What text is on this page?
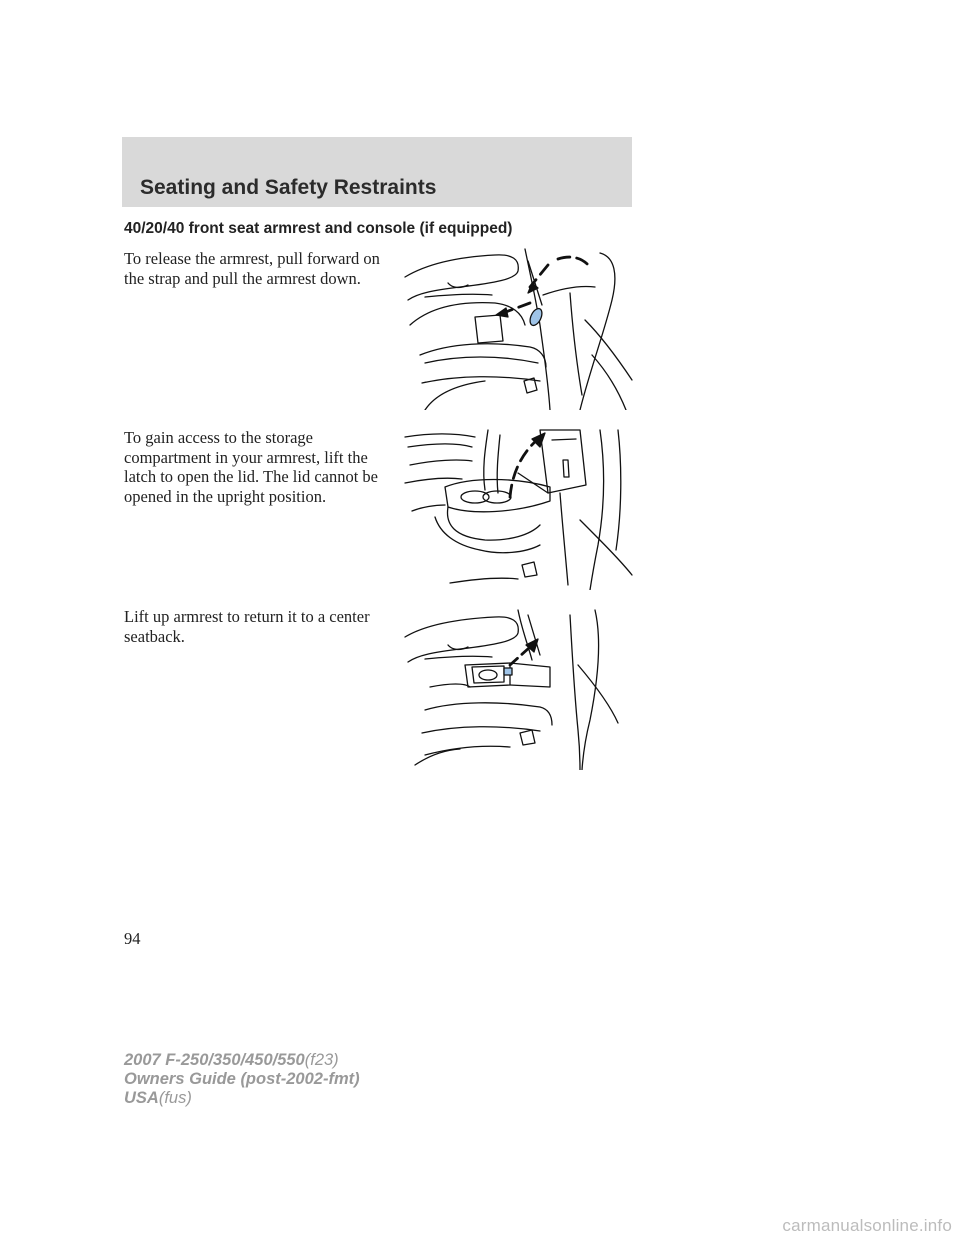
Seating and Safety Restraints
40/20/40 front seat armrest and console (if equipped)

To release the armrest, pull forward on the strap and pull the armrest down.

To gain access to the storage compartment in your armrest, lift the latch to open the lid. The lid cannot be opened in the upright position.

Lift up armrest to return it to a center seatback.

94

2007 F-250/350/450/550(f23)
Owners Guide (post-2002-fmt)
USA(fus)
carmanualsonline.info
